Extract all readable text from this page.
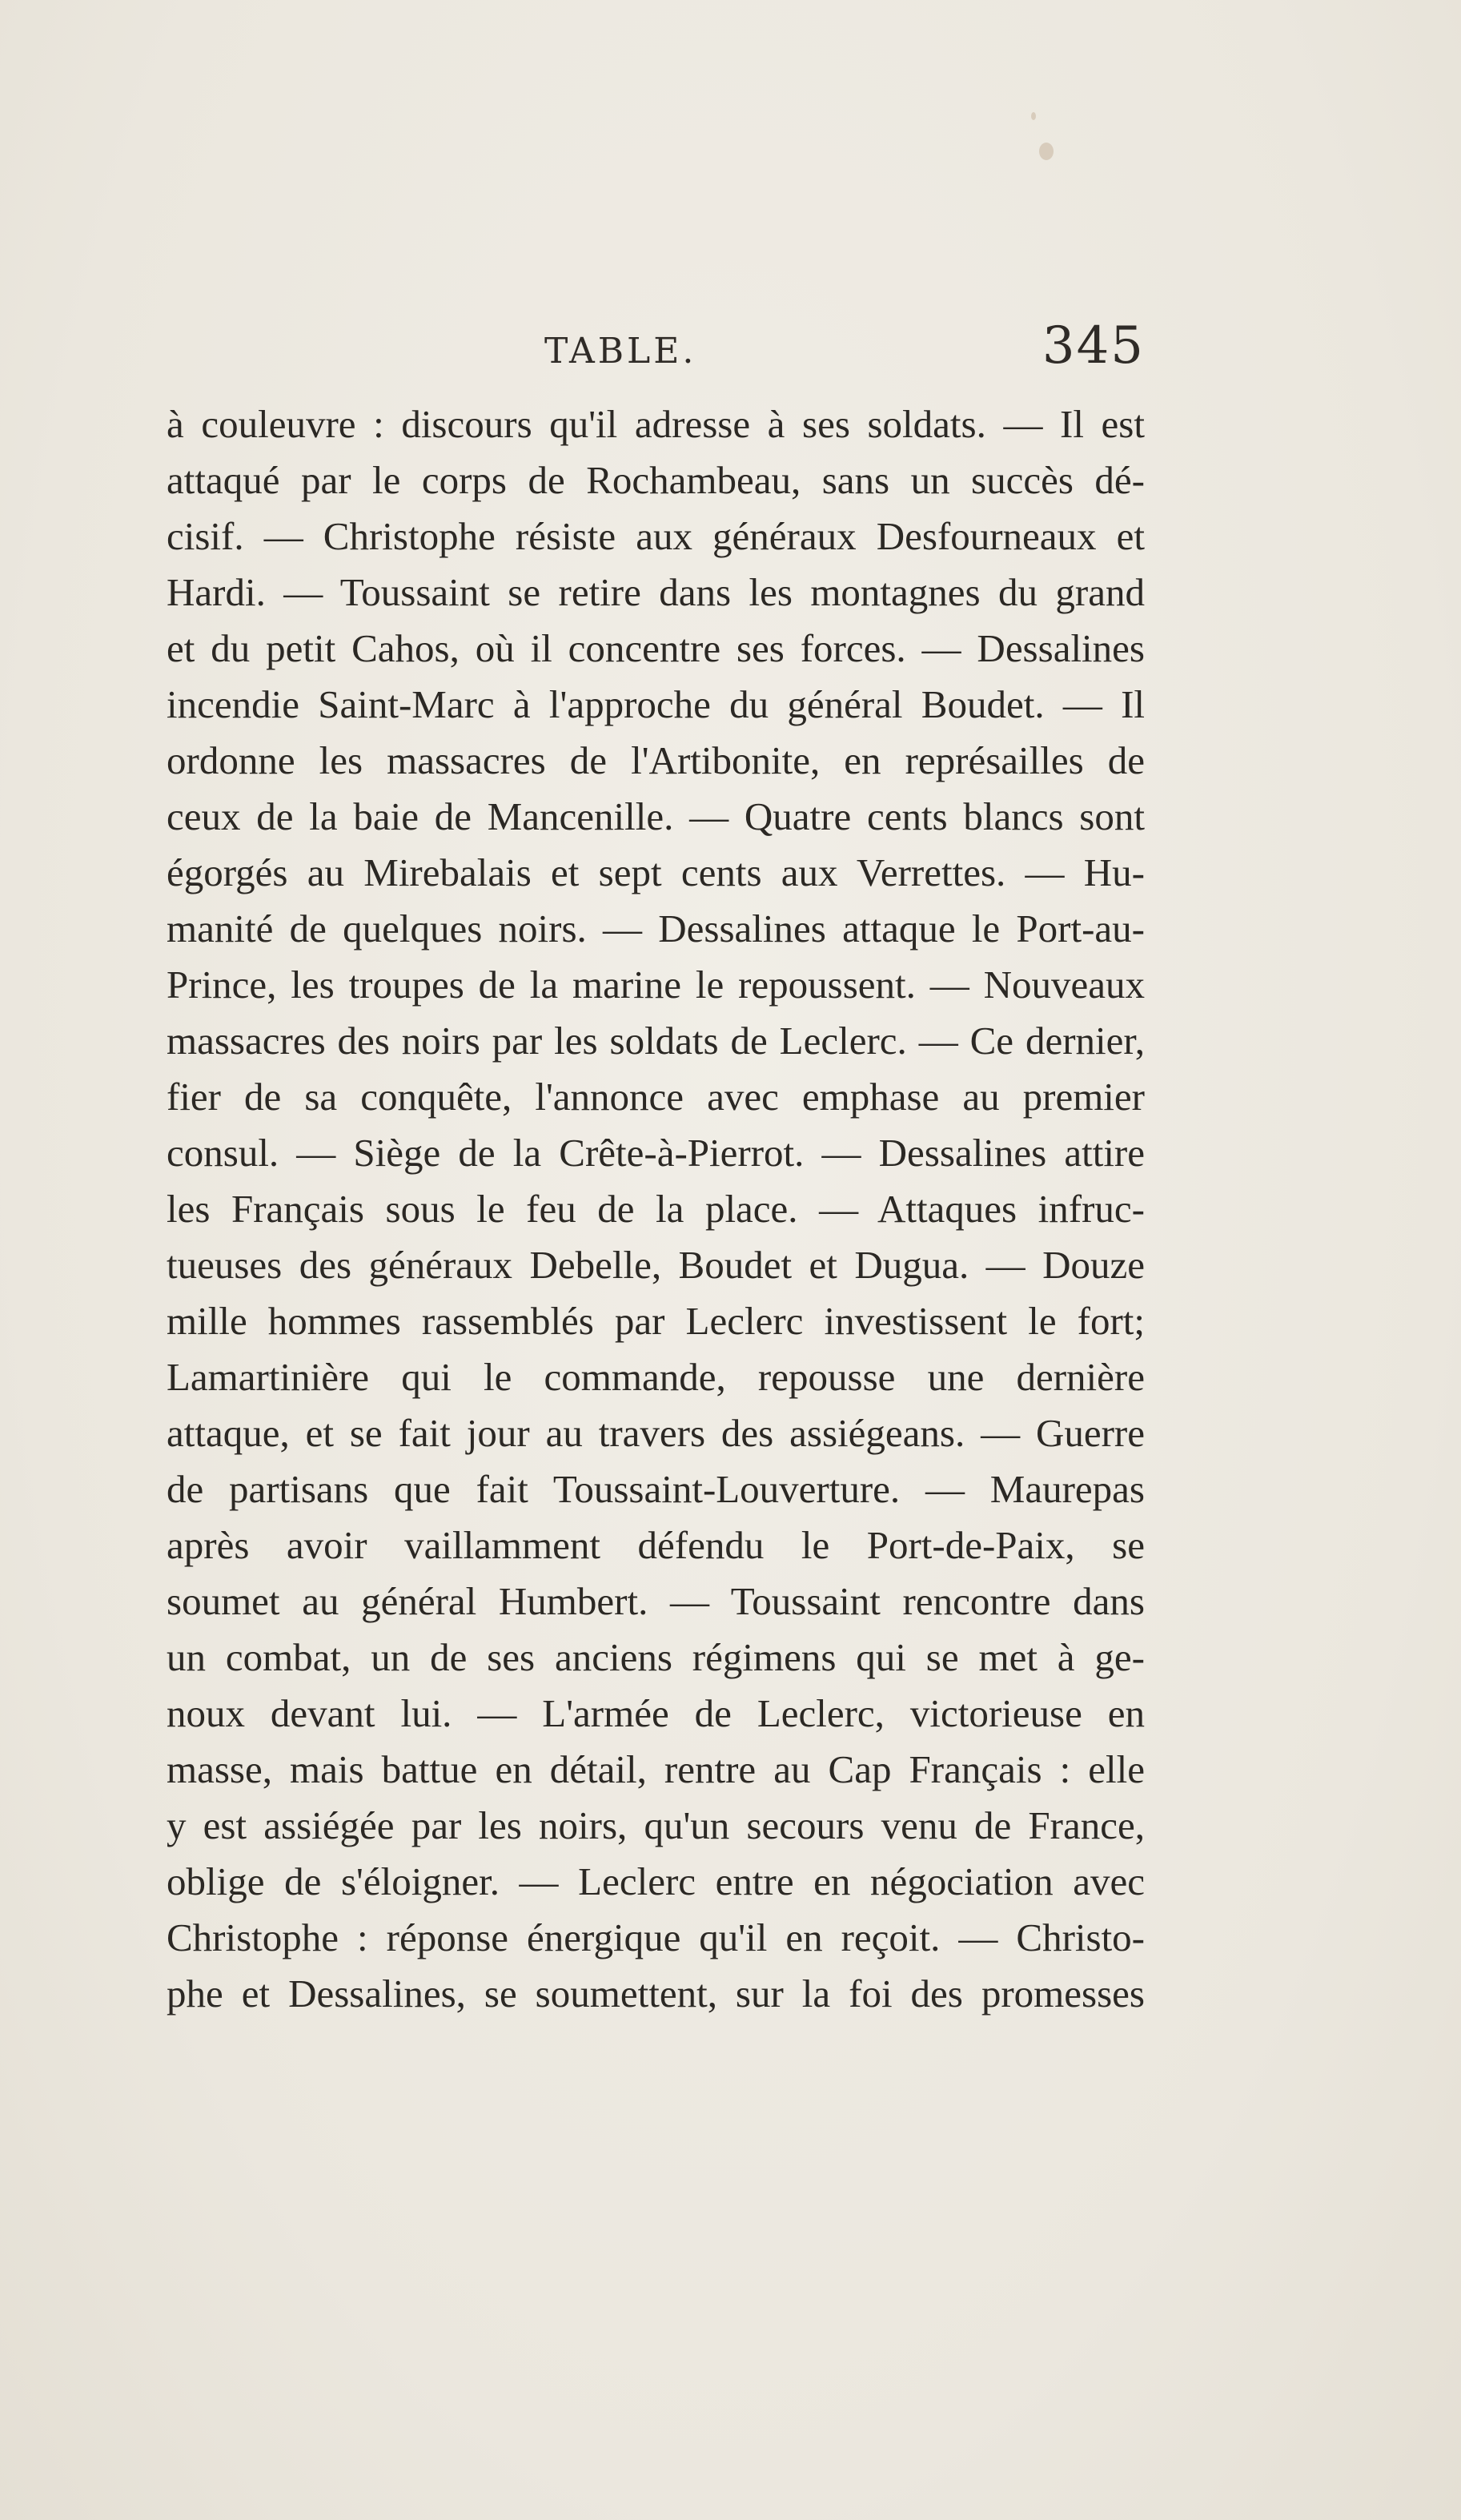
TABLE.	345
à couleuvre : discours qu'il adresse à ses soldats. — Il est
attaqué par le corps de Rochambeau, sans un succès dé-
cisif. — Christophe résiste aux généraux Desfourneaux et
Hardi. — Toussaint se retire dans les montagnes du grand
et du petit Cahos, où il concentre ses forces. — Dessalines
incendie Saint-Marc à l'approche du général Boudet. — Il
ordonne les massacres de l'Artibonite, en représailles de
ceux de la baie de Mancenille. — Quatre cents blancs sont
égorgés au Mirebalais et sept cents aux Verrettes. — Hu-
manité de quelques noirs. — Dessalines attaque le Port-au-
Prince, les troupes de la marine le repoussent. — Nouveaux
massacres des noirs par les soldats de Leclerc. — Ce dernier,
fier de sa conquête, l'annonce avec emphase au premier
consul. — Siège de la Crête-à-Pierrot. — Dessalines attire
les Français sous le feu de la place. — Attaques infruc-
tueuses des généraux Debelle, Boudet et Dugua. — Douze
mille hommes rassemblés par Leclerc investissent le fort;
Lamartinière qui le commande, repousse une dernière
attaque, et se fait jour au travers des assiégeans. — Guerre
de partisans que fait Toussaint-Louverture. — Maurepas
après avoir vaillamment défendu le Port-de-Paix, se
soumet au général Humbert. — Toussaint rencontre dans
un combat, un de ses anciens régimens qui se met à ge-
noux devant lui. — L'armée de Leclerc, victorieuse en
masse, mais battue en détail, rentre au Cap Français : elle
y est assiégée par les noirs, qu'un secours venu de France,
oblige de s'éloigner. — Leclerc entre en négociation avec
Christophe : réponse énergique qu'il en reçoit. — Christo-
phe et Dessalines, se soumettent, sur la foi des promesses
